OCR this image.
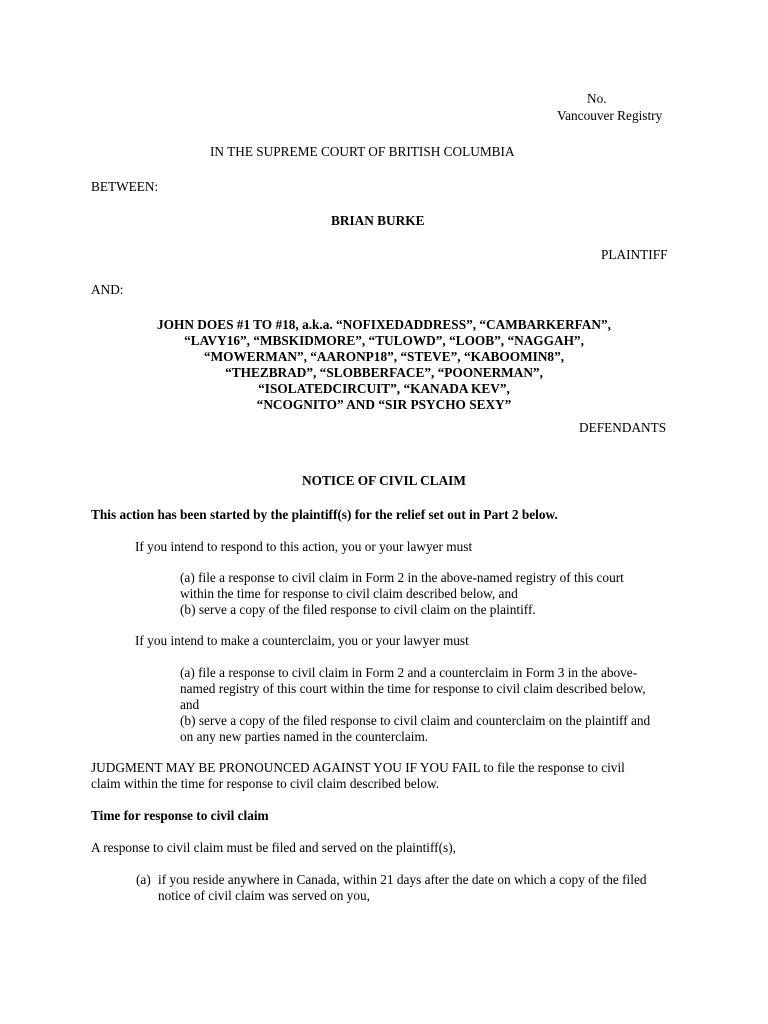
No.
Vancouver Registry
IN THE SUPREME COURT OF BRITISH COLUMBIA
BETWEEN:
BRIAN BURKE
PLAINTIFF
AND:
JOHN DOES #1 TO #18, a.k.a. “NOFIXEDADDRESS”, “CAMBARKERFAN”,
“LAVY16”, “MBSKIDMORE”, “TULOWD”, “LOOB”, “NAGGAH”,
“MOWERMAN”, “AARONP18”, “STEVE”, “KABOOMIN8”,
“THEZBRAD”, “SLOBBERFACE”, “POONERMAN”,
“ISOLATEDCIRCUIT”, “KANADA KEV”,
“NCOGNITO” AND “SIR PSYCHO SEXY”
DEFENDANTS
NOTICE OF CIVIL CLAIM
This action has been started by the plaintiff(s) for the relief set out in Part 2 below.
If you intend to respond to this action, you or your lawyer must
(a) file a response to civil claim in Form 2 in the above-named registry of this court
within the time for response to civil claim described below, and
(b) serve a copy of the filed response to civil claim on the plaintiff.
If you intend to make a counterclaim, you or your lawyer must
(a) file a response to civil claim in Form 2 and a counterclaim in Form 3 in the above-
named registry of this court within the time for response to civil claim described below,
and
(b) serve a copy of the filed response to civil claim and counterclaim on the plaintiff and
on any new parties named in the counterclaim.
JUDGMENT MAY BE PRONOUNCED AGAINST YOU IF YOU FAIL to file the response to civil
claim within the time for response to civil claim described below.
Time for response to civil claim
A response to civil claim must be filed and served on the plaintiff(s),
(a) if you reside anywhere in Canada, within 21 days after the date on which a copy of the filed
notice of civil claim was served on you,
